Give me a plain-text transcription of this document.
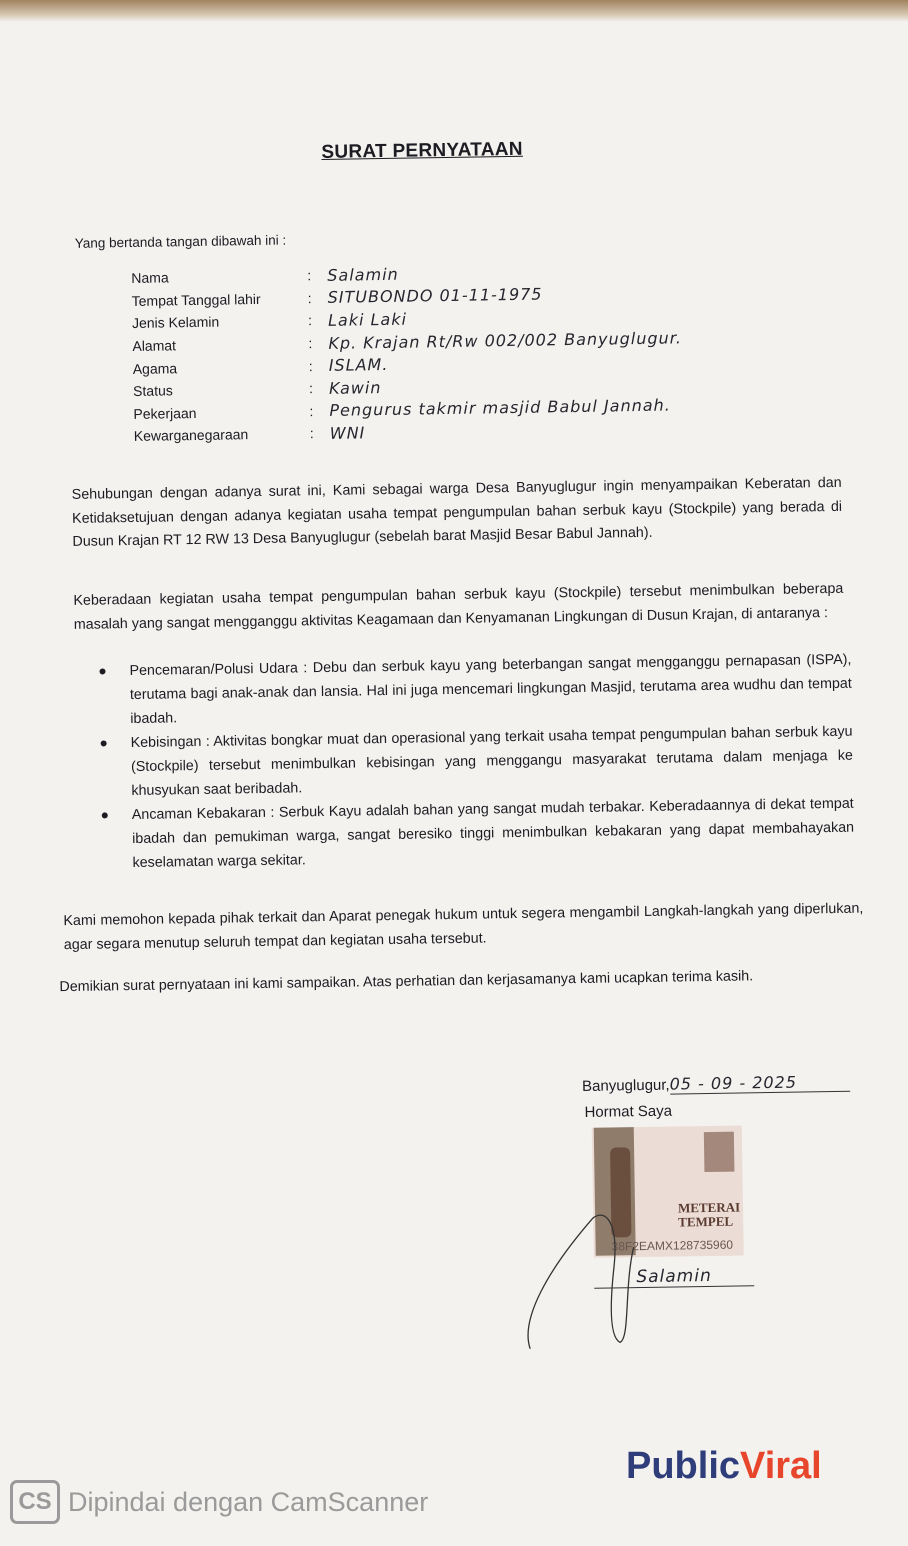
SURAT PERNYATAAN
Yang bertanda tangan dibawah ini :
Nama	: Salamin
Tempat Tanggal lahir	: SITUBONDO 01-11-1975
Jenis Kelamin	: Laki Laki
Alamat	: Kp. Krajan Rt/Rw 002/002 Banyuglugur.
Agama	: ISLAM.
Status	: Kawin
Pekerjaan	: Pengurus takmir masjid Babul Jannah.
Kewarganegaraan	: WNI
Sehubungan dengan adanya surat ini, Kami sebagai warga Desa Banyuglugur ingin menyampaikan Keberatan dan Ketidaksetujuan dengan adanya kegiatan usaha tempat pengumpulan bahan serbuk kayu (Stockpile) yang berada di Dusun Krajan RT 12 RW 13 Desa Banyuglugur (sebelah barat Masjid Besar Babul Jannah).
Keberadaan kegiatan usaha tempat pengumpulan bahan serbuk kayu (Stockpile) tersebut menimbulkan beberapa masalah yang sangat mengganggu aktivitas Keagamaan dan Kenyamanan Lingkungan di Dusun Krajan, di antaranya :
Pencemaran/Polusi Udara : Debu dan serbuk kayu yang beterbangan sangat mengganggu pernapasan (ISPA), terutama bagi anak-anak dan lansia. Hal ini juga mencemari lingkungan Masjid, terutama area wudhu dan tempat ibadah.
Kebisingan : Aktivitas bongkar muat dan operasional yang terkait usaha tempat pengumpulan bahan serbuk kayu (Stockpile) tersebut menimbulkan kebisingan yang menggangu masyarakat terutama dalam menjaga ke khusyukan saat beribadah.
Ancaman Kebakaran : Serbuk Kayu adalah bahan yang sangat mudah terbakar. Keberadaannya di dekat tempat ibadah dan pemukiman warga, sangat beresiko tinggi menimbulkan kebakaran yang dapat membahayakan keselamatan warga sekitar.
Kami memohon kepada pihak terkait dan Aparat penegak hukum untuk segera mengambil Langkah-langkah yang diperlukan, agar segara menutup seluruh tempat dan kegiatan usaha tersebut.
Demikian surat pernyataan ini kami sampaikan. Atas perhatian dan kerjasamanya kami ucapkan terima kasih.
Banyuglugur,05 - 09 - 2025
Hormat Saya
METERAI TEMPEL
38F2EAMX128735960
Salamin
Public Viral
CS Dipindai dengan CamScanner
